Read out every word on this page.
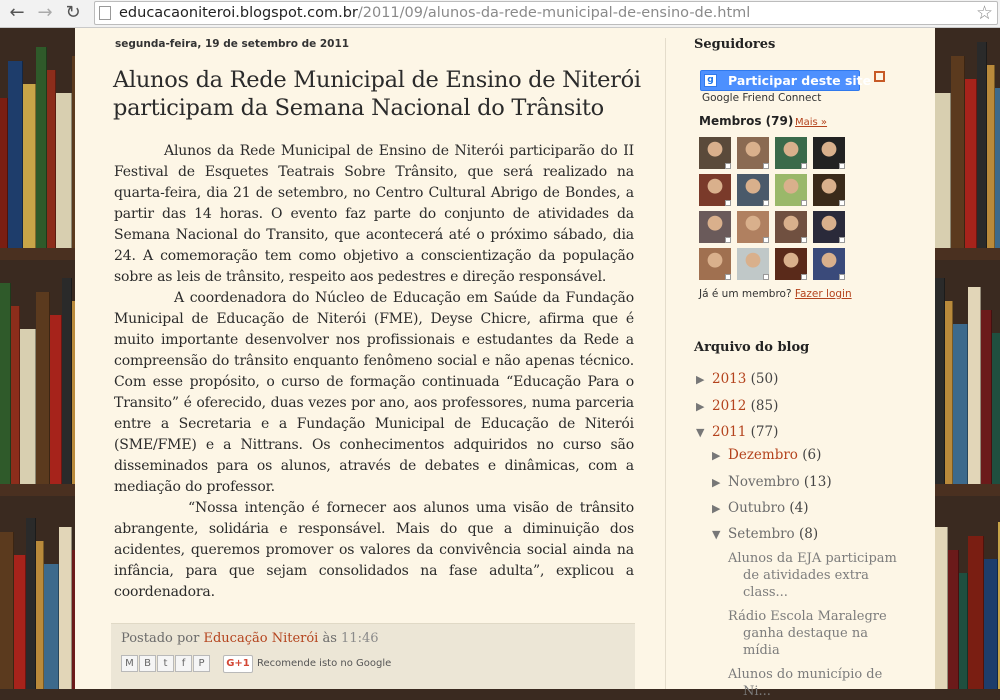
← → ↻	educacaoniteroi.blogspot.com.br/2011/09/alunos-da-rede-municipal-de-ensino-de.html	☆
segunda-feira, 19 de setembro de 2011
Alunos da Rede Municipal de Ensino de Niterói participam da Semana Nacional do Trânsito

Alunos da Rede Municipal de Ensino de Niterói participarão do II Festival de Esquetes Teatrais Sobre Trânsito, que será realizado na quarta-feira, dia 21 de setembro, no Centro Cultural Abrigo de Bondes, a partir das 14 horas. O evento faz parte do conjunto de atividades da Semana Nacional do Transito, que acontecerá até o próximo sábado, dia 24. A comemoração tem como objetivo a conscientização da população sobre as leis de trânsito, respeito aos pedestres e direção responsável.

A coordenadora do Núcleo de Educação em Saúde da Fundação Municipal de Educação de Niterói (FME), Deyse Chicre, afirma que é muito importante desenvolver nos profissionais e estudantes da Rede a compreensão do trânsito enquanto fenômeno social e não apenas técnico. Com esse propósito, o curso de formação continuada “Educação Para o Transito” é oferecido, duas vezes por ano, aos professores, numa parceria entre a Secretaria e a Fundação Municipal de Educação de Niterói (SME/FME) e a Nittrans. Os conhecimentos adquiridos no curso são disseminados para os alunos, através de debates e dinâmicas, com a mediação do professor.

“Nossa intenção é fornecer aos alunos uma visão de trânsito abrangente, solidária e responsável. Mais do que a diminuição dos acidentes, queremos promover os valores da convivência social ainda na infância, para que sejam consolidados na fase adulta”, explicou a coordenadora.

Postado por Educação Niterói às 11:46
M	B	t	f	P	G+1 Recomende isto no Google
Seguidores
g Participar deste site
Google Friend Connect
Membros (79) Mais »
Já é um membro? Fazer login
Arquivo do blog
▶ 2013 (50)
▶ 2012 (85)
▼ 2011 (77)
▶ Dezembro (6)
▶ Novembro (13)
▶ Outubro (4)
▼ Setembro (8)
Alunos da EJA participam de atividades extra class...
Rádio Escola Maralegre ganha destaque na mídia
Alunos do município de Ni...
